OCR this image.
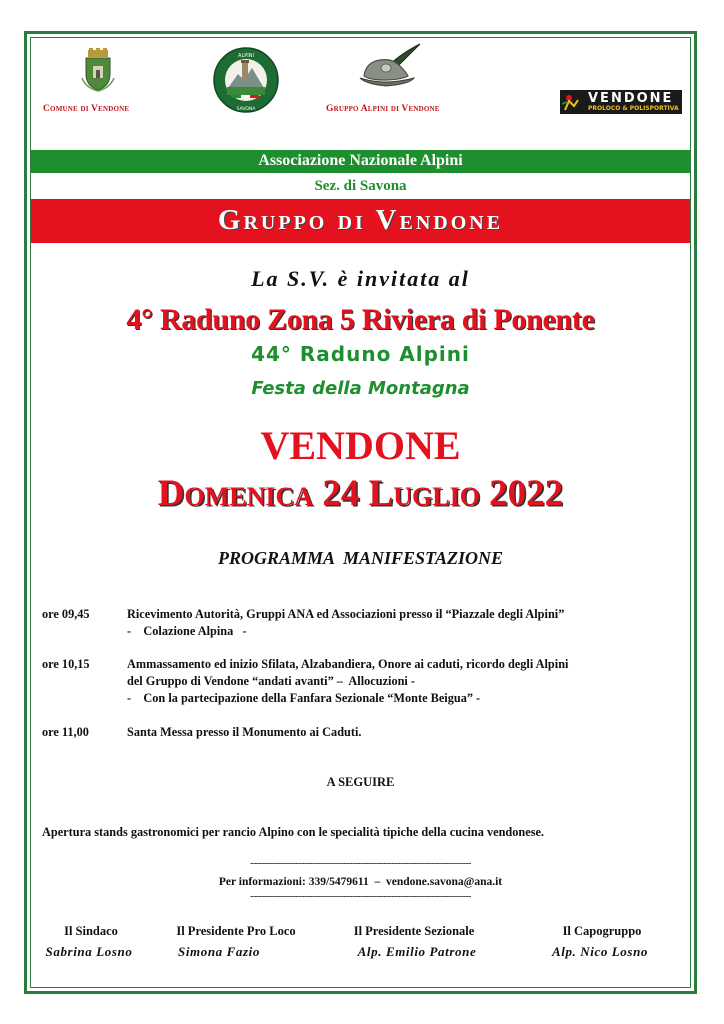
Comune di Vendone
ALPINI
SAVONA	Gruppo Alpini di Vendone
VENDONE
PROLOCO & POLISPORTIVA
Associazione Nazionale Alpini
Sez. di Savona
Gruppo di Vendone
La S.V. è invitata al
4° Raduno Zona 5 Riviera di Ponente
44° Raduno Alpini
Festa della Montagna
VENDONE
Domenica 24 Luglio 2022
PROGRAMMA  MANIFESTAZIONE
ore 09,45	Ricevimento Autorità, Gruppi ANA ed Associazioni presso il “Piazzale degli Alpini”
-    Colazione Alpina   -
ore 10,15	Ammassamento ed inizio Sfilata, Alzabandiera, Onore ai caduti, ricordo degli Alpini
del Gruppo di Vendone “andati avanti” –  Allocuzioni -
-    Con la partecipazione della Fanfara Sezionale “Monte Beigua” -
ore 11,00	Santa Messa presso il Monumento ai Caduti.
A SEGUIRE
Apertura stands gastronomici per rancio Alpino con le specialità tipiche della cucina vendonese.
------------------------------------------------------------------------------
Per informazioni: 339/5479611  –  vendone.savona@ana.it
------------------------------------------------------------------------------
Il Sindaco
Sabrina Losno
Il Presidente Pro Loco
Simona Fazio
Il Presidente Sezionale
Alp. Emilio Patrone
Il Capogruppo
Alp. Nico Losno
